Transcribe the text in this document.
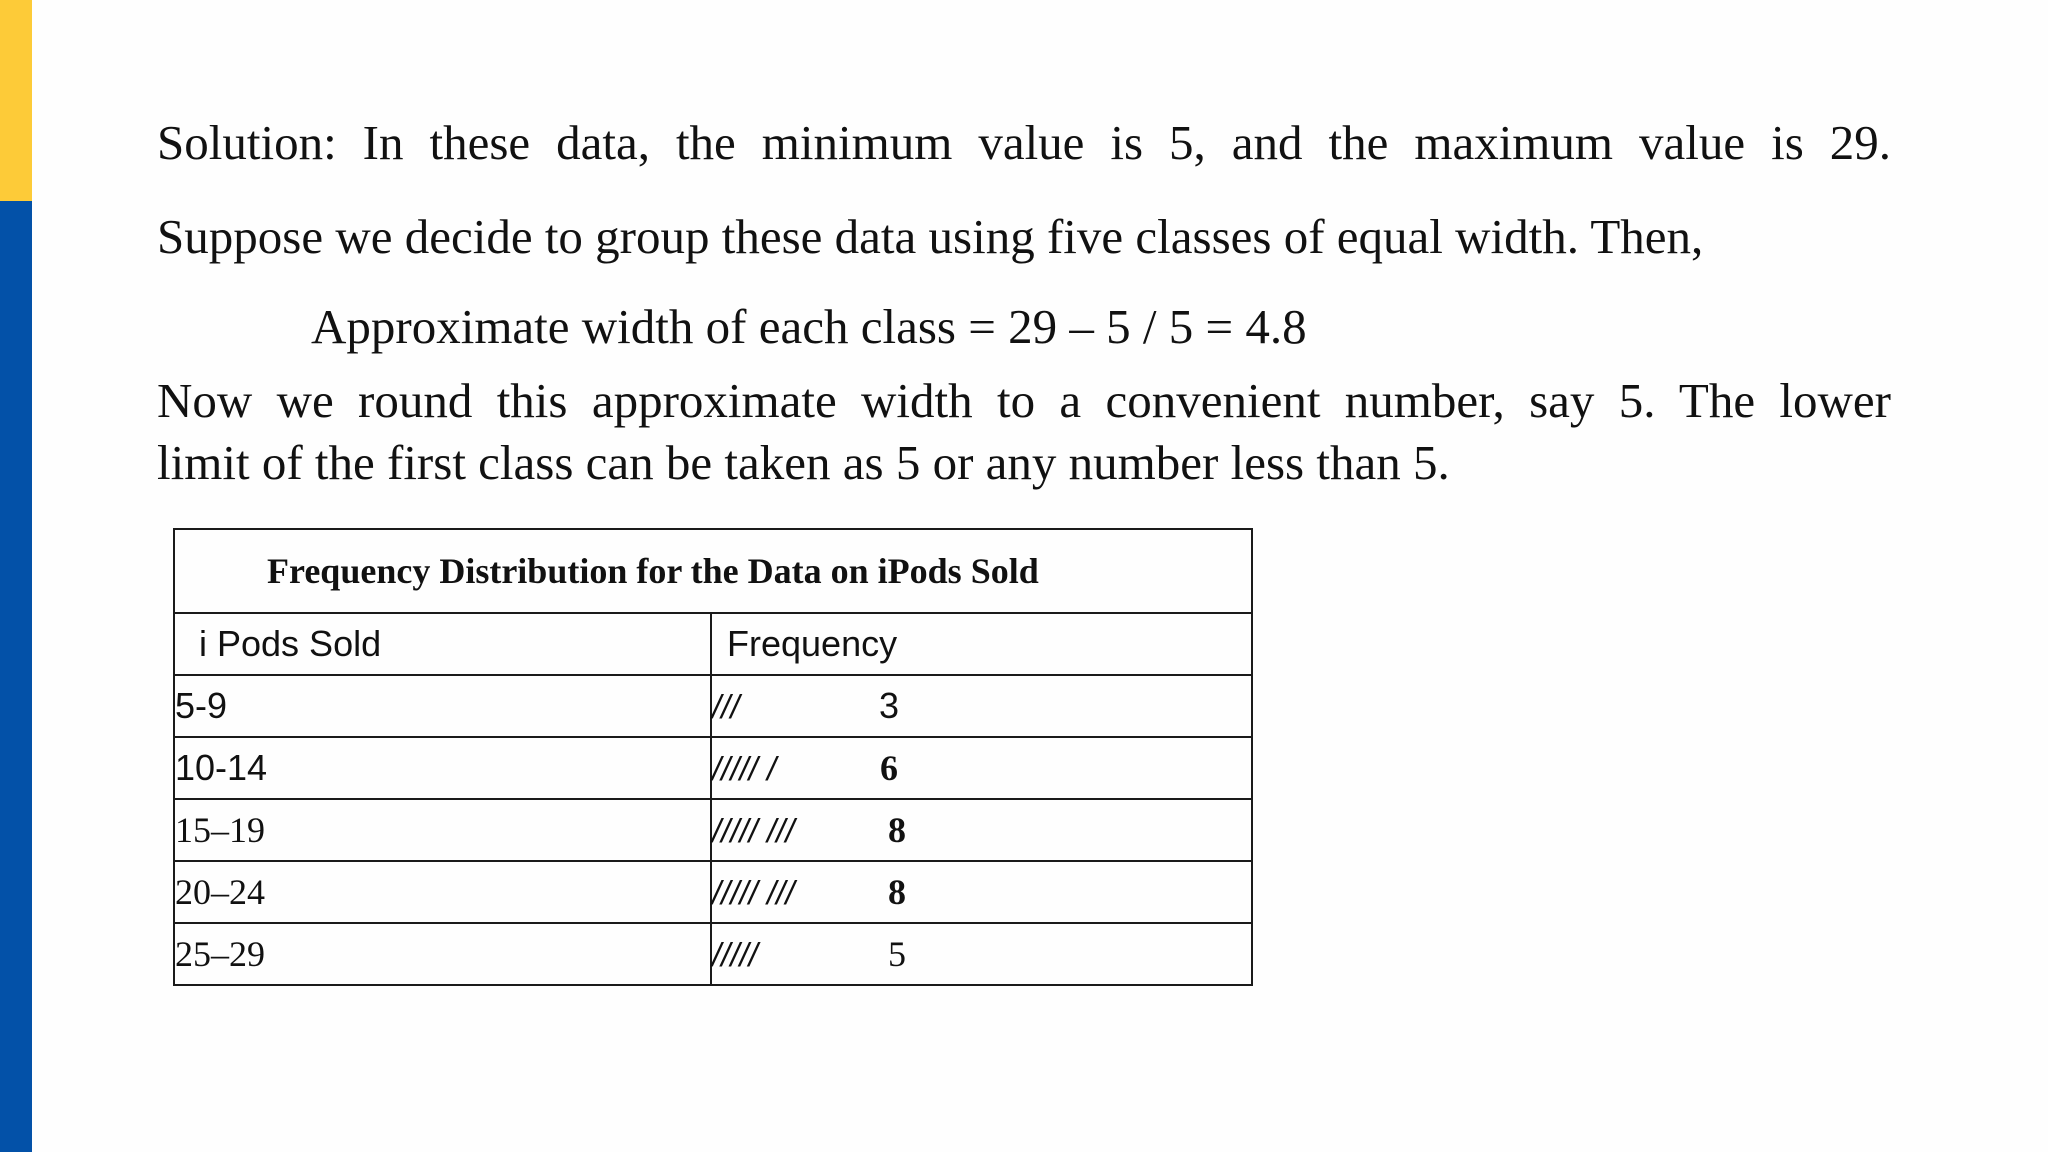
Solution: In these data, the minimum value is 5, and the maximum value is 29.
Suppose we decide to group these data using five classes of equal width. Then,
Approximate width of each class = 29 – 5 / 5 = 4.8
Now we round this approximate width to a convenient number, say 5. The lower
limit of the first class can be taken as 5 or any number less than 5.
Frequency Distribution for the Data on iPods Sold	
i Pods Sold	Frequency
5-9	/// 3

10-14	///// / 6

15–19	///// /// 8

20–24	///// /// 8

25–29	///// 5
